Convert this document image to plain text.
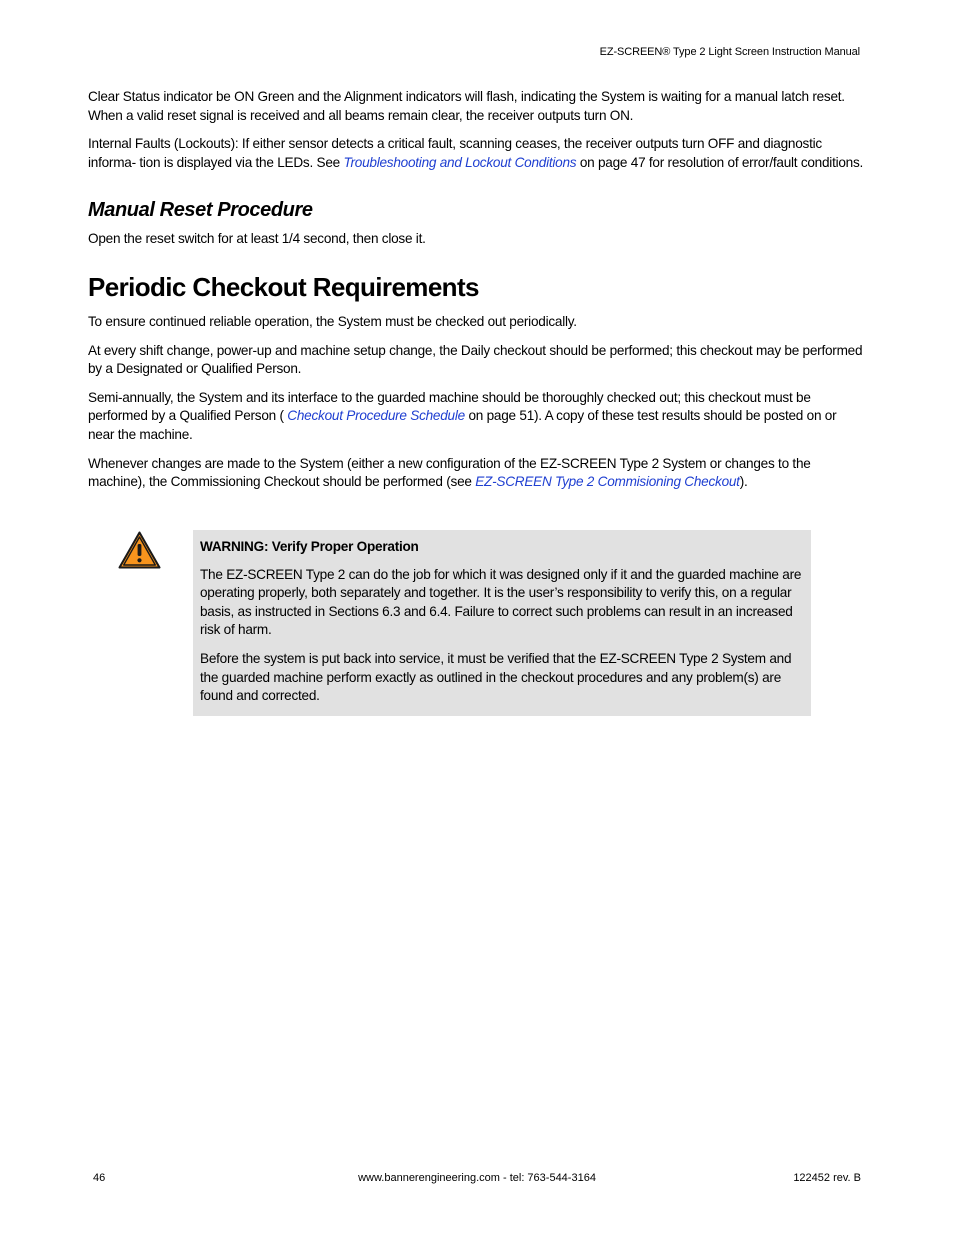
EZ-SCREEN® Type 2 Light Screen Instruction Manual

Clear Status indicator be ON Green and the Alignment indicators will flash, indicating the System is waiting for a manual latch reset. When a valid reset signal is received and all beams remain clear, the receiver outputs turn ON.

Internal Faults (Lockouts): If either sensor detects a critical fault, scanning ceases, the receiver outputs turn OFF and diagnostic informa- tion is displayed via the LEDs. See Troubleshooting and Lockout Conditions on page 47 for resolution of error/fault conditions.

Manual Reset Procedure

Open the reset switch for at least 1/4 second, then close it.

Periodic Checkout Requirements

To ensure continued reliable operation, the System must be checked out periodically.

At every shift change, power-up and machine setup change, the Daily checkout should be performed; this checkout may be performed by a Designated or Qualified Person.

Semi-annually, the System and its interface to the guarded machine should be thoroughly checked out; this checkout must be performed by a Qualified Person ( Checkout Procedure Schedule on page 51). A copy of these test results should be posted on or near the machine.

Whenever changes are made to the System (either a new configuration of the EZ-SCREEN Type 2 System or changes to the machine), the Commissioning Checkout should be performed (see EZ-SCREEN Type 2 Commisioning Checkout).

WARNING: Verify Proper Operation

The EZ-SCREEN Type 2 can do the job for which it was designed only if it and the guarded machine are operating properly, both separately and together. It is the user’s responsibility to verify this, on a regular basis, as instructed in Sections 6.3 and 6.4. Failure to correct such problems can result in an increased risk of harm.

Before the system is put back into service, it must be verified that the EZ-SCREEN Type 2 System and the guarded machine perform exactly as outlined in the checkout procedures and any problem(s) are found and corrected.

46	www.bannerengineering.com - tel: 763-544-3164	122452 rev. B
